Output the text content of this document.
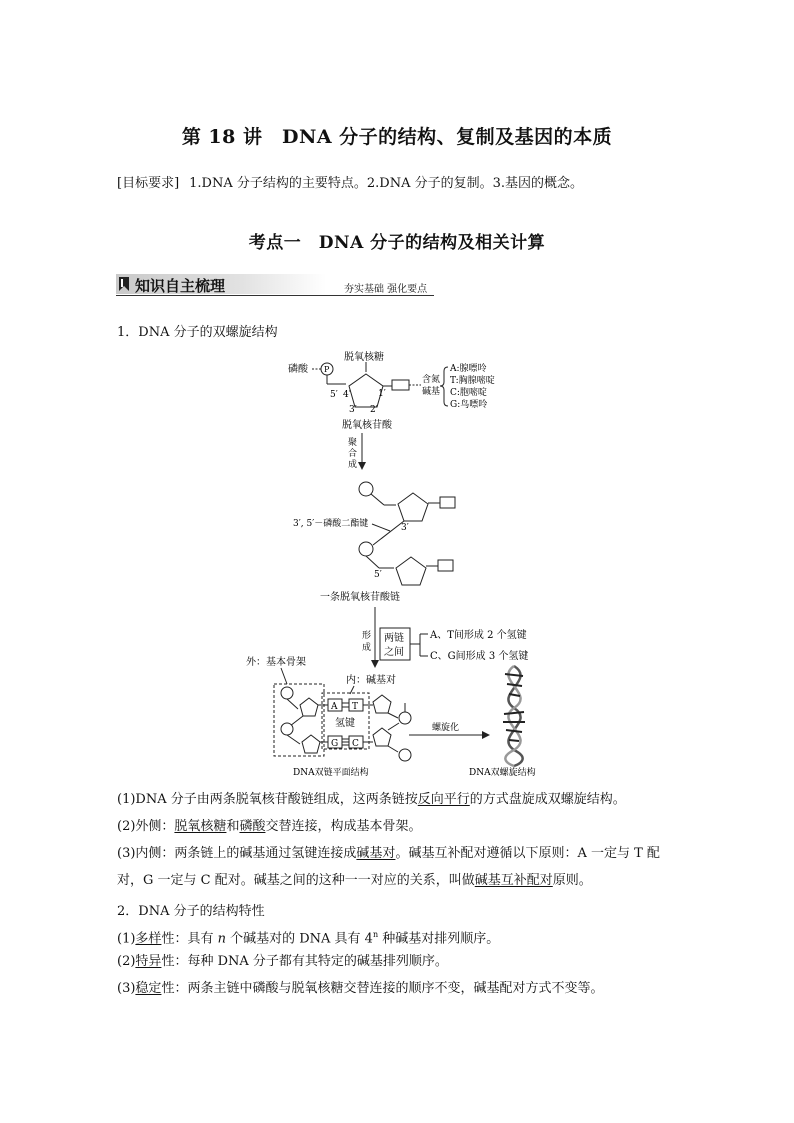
第 18 讲　DNA 分子的结构、复制及基因的本质
[目标要求] 1.DNA 分子结构的主要特点。2.DNA 分子的复制。3.基因的概念。
考点一　DNA 分子的结构及相关计算
知识自主梳理	夯实基础 强化要点
1．DNA 分子的双螺旋结构
磷酸 P
脱氧核糖
5′ 4′	1′
3′ 2′
含氮
碱基
A:腺嘌呤
T:胸腺嘧啶
C:胞嘧啶
G:鸟嘌呤
脱氧核苷酸
聚
合
成
3′
3′, 5′－磷酸二酯键
5′
一条脱氧核苷酸链
形
成
两链
之间
A、T间形成 2 个氢键
C、G间形成 3 个氢键
外：基本骨架
内：碱基对
A T
氢键
G C
DNA双链平面结构
螺旋化
DNA双螺旋结构
(1)DNA 分子由两条脱氧核苷酸链组成，这两条链按反向平行的方式盘旋成双螺旋结构。
(2)外侧：脱氧核糖和磷酸交替连接，构成基本骨架。
(3)内侧：两条链上的碱基通过氢键连接成碱基对。碱基互补配对遵循以下原则：A 一定与 T 配对，G 一定与 C 配对。碱基之间的这种一一对应的关系，叫做碱基互补配对原则。
2．DNA 分子的结构特性
(1)多样性：具有 n 个碱基对的 DNA 具有 4$^n$ 种碱基对排列顺序。
(2)特异性：每种 DNA 分子都有其特定的碱基排列顺序。
(3)稳定性：两条主链中磷酸与脱氧核糖交替连接的顺序不变，碱基配对方式不变等。
